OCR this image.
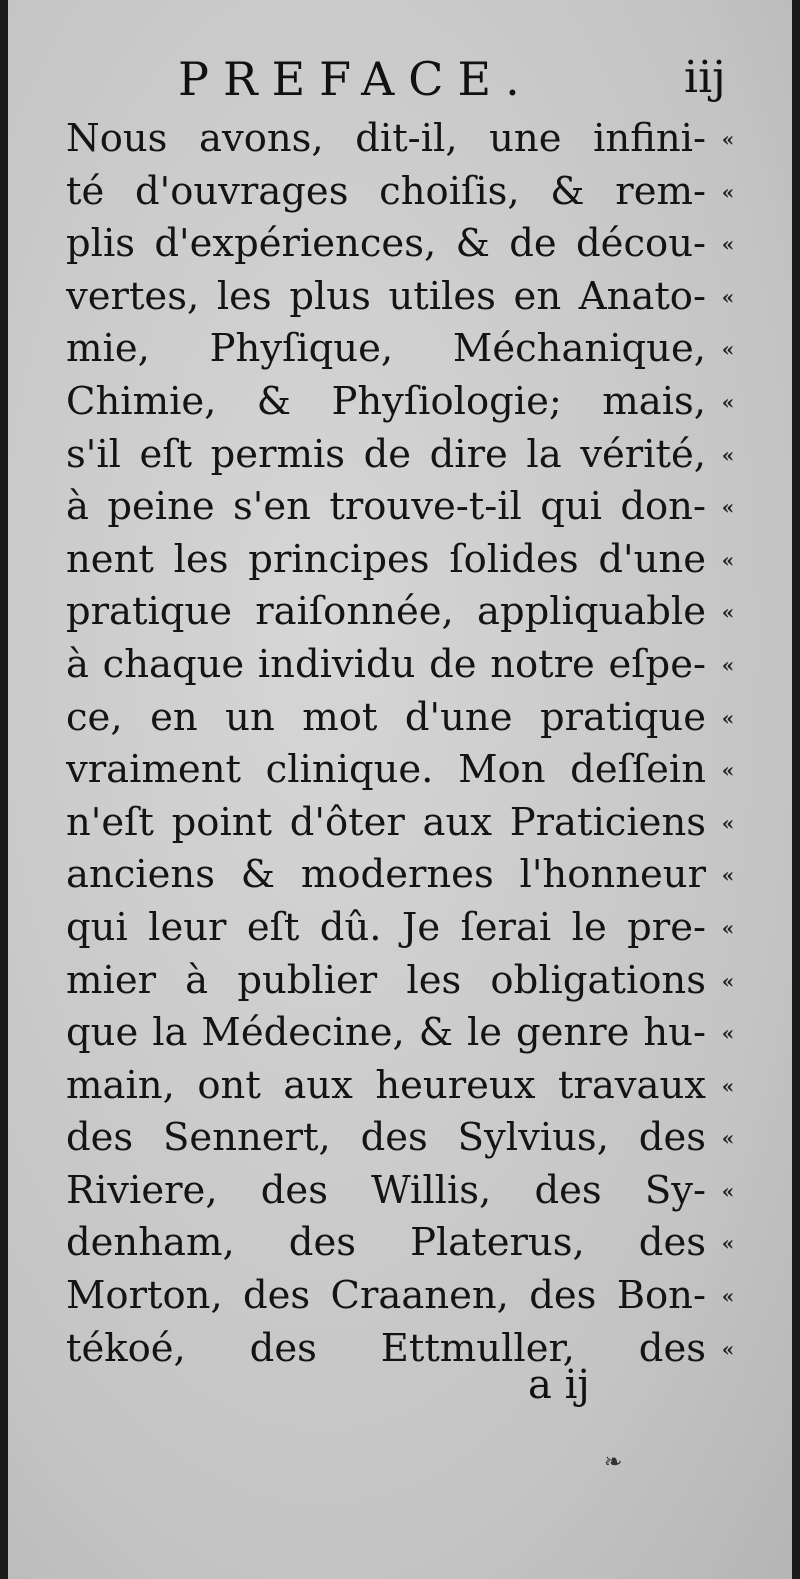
PREFACE.	iij
Nous avons, dit-il, une infini-
té d'ouvrages choiſis, & rem-
plis d'expériences, & de décou-
vertes, les plus utiles en Anato-
mie, Phyſique, Méchanique,
Chimie, & Phyſiologie; mais,
s'il eſt permis de dire la vérité,
à peine s'en trouve-t-il qui don-
nent les principes ſolides d'une
pratique raiſonnée, appliquable
à chaque individu de notre eſpe-
ce, en un mot d'une pratique
vraiment clinique. Mon deſſein
n'eſt point d'ôter aux Praticiens
anciens & modernes l'honneur
qui leur eſt dû. Je ſerai le pre-
mier à publier les obligations
que la Médecine, & le genre hu-
main, ont aux heureux travaux
des Sennert, des Sylvius, des
Riviere, des Willis, des Sy-
denham, des Platerus, des
Morton, des Craanen, des Bon-
tékoé, des Ettmuller, des
«
«
«
«
«
«
«
«
«
«
«
«
«
«
«
«
«
«
«
«
«
«
«
«
a ij
❧
